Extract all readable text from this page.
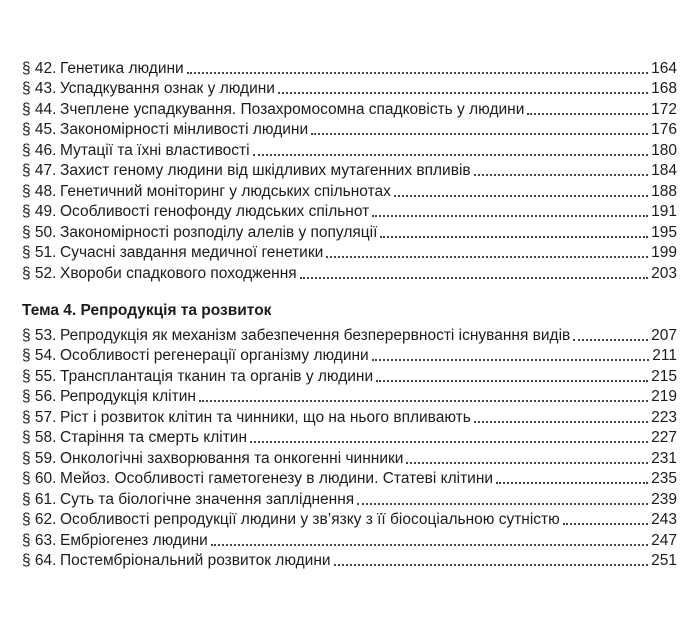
§ 42. Генетика людини	164
§ 43. Успадкування ознак у людини	168
§ 44. Зчеплене успадкування. Позахромосомна спадковість у людини	172
§ 45. Закономірності мінливості людини	176
§ 46. Мутації та їхні властивості	180
§ 47. Захист геному людини від шкідливих мутагенних впливів	184
§ 48. Генетичний моніторинг у людських спільнотах	188
§ 49. Особливості генофонду людських спільнот	191
§ 50. Закономірності розподілу алелів у популяції	195
§ 51. Сучасні завдання медичної генетики	199
§ 52. Хвороби спадкового походження	203
Тема 4. Репродукція та розвиток
§ 53. Репродукція як механізм забезпечення безперервності існування видів	207
§ 54. Особливості регенерації організму людини	211
§ 55. Трансплантація тканин та органів у людини	215
§ 56. Репродукція клітин	219
§ 57. Ріст і розвиток клітин та чинники, що на нього впливають	223
§ 58. Старіння та смерть клітин	227
§ 59. Онкологічні захворювання та онкогенні чинники	231
§ 60. Мейоз. Особливості гаметогенезу в людини. Статеві клітини	235
§ 61. Суть та біологічне значення запліднення	239
§ 62. Особливості репродукції людини у зв’язку з її біосоціальною сутністю	243
§ 63. Ембріогенез людини	247
§ 64. Постембріональний розвиток людини	251
